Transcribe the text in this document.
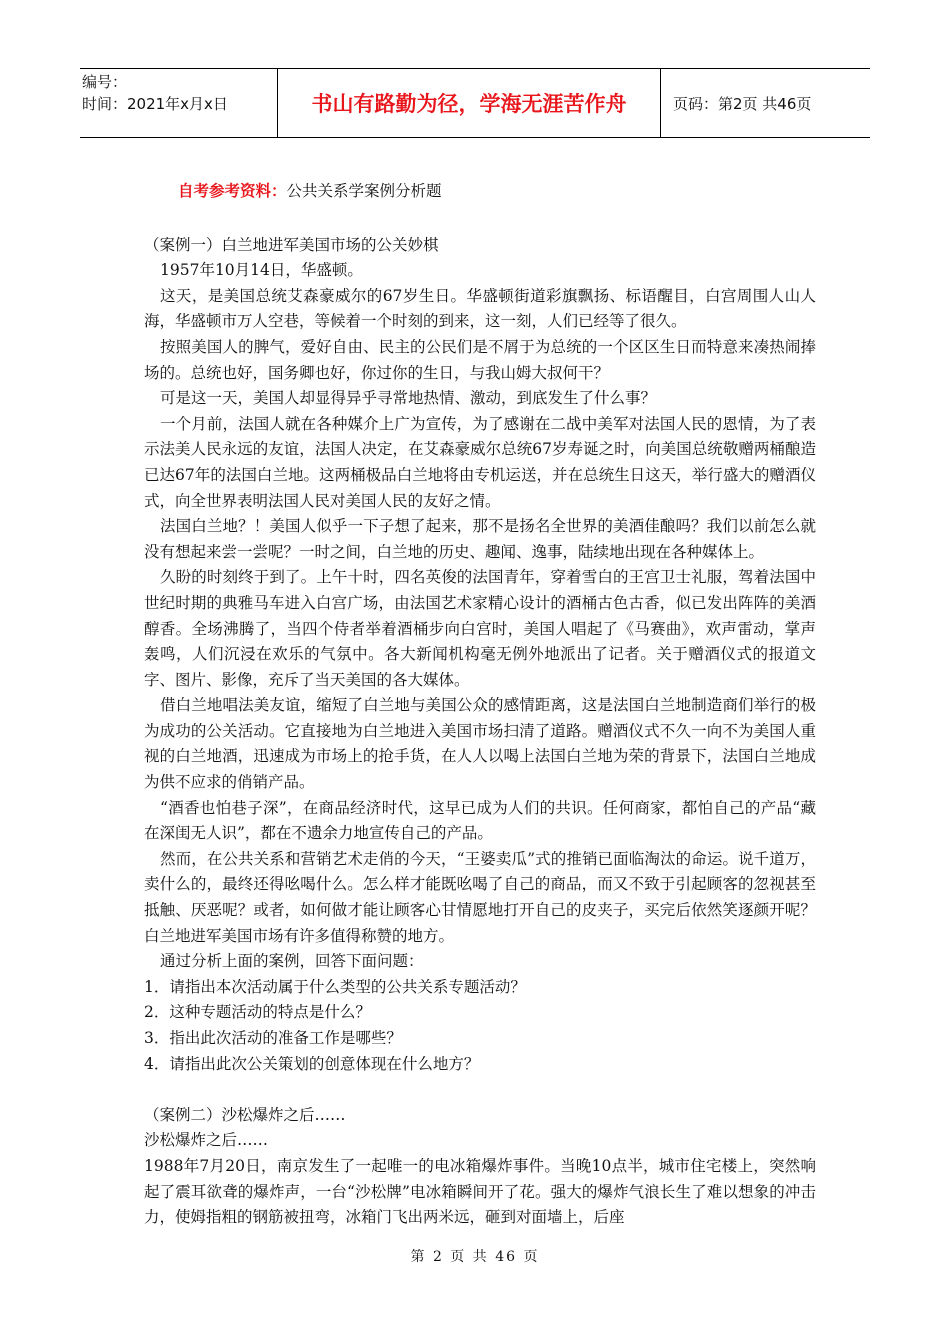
编号：
时间：2021年x月x日	书山有路勤为径，学海无涯苦作舟	页码：第2页 共46页

自考参考资料：公共关系学案例分析题

（案例一）白兰地进军美国市场的公关妙棋

1957年10月14日，华盛顿。

这天，是美国总统艾森豪威尔的67岁生日。华盛顿街道彩旗飘扬、标语醒目，白宫周围人山人海，华盛顿市万人空巷，等候着一个时刻的到来，这一刻，人们已经等了很久。

按照美国人的脾气，爱好自由、民主的公民们是不屑于为总统的一个区区生日而特意来凑热闹捧场的。总统也好，国务卿也好，你过你的生日，与我山姆大叔何干？

可是这一天，美国人却显得异乎寻常地热情、激动，到底发生了什么事？

一个月前，法国人就在各种媒介上广为宣传，为了感谢在二战中美军对法国人民的恩情，为了表示法美人民永远的友谊，法国人决定，在艾森豪威尔总统67岁寿诞之时，向美国总统敬赠两桶酿造已达67年的法国白兰地。这两桶极品白兰地将由专机运送，并在总统生日这天，举行盛大的赠酒仪式，向全世界表明法国人民对美国人民的友好之情。

法国白兰地？！美国人似乎一下子想了起来，那不是扬名全世界的美酒佳酿吗？我们以前怎么就没有想起来尝一尝呢？一时之间，白兰地的历史、趣闻、逸事，陆续地出现在各种媒体上。

久盼的时刻终于到了。上午十时，四名英俊的法国青年，穿着雪白的王宫卫士礼服，驾着法国中世纪时期的典雅马车进入白宫广场，由法国艺术家精心设计的酒桶古色古香，似已发出阵阵的美酒醇香。全场沸腾了，当四个侍者举着酒桶步向白宫时，美国人唱起了《马赛曲》，欢声雷动，掌声轰鸣，人们沉浸在欢乐的气氛中。各大新闻机构毫无例外地派出了记者。关于赠酒仪式的报道文字、图片、影像，充斥了当天美国的各大媒体。

借白兰地唱法美友谊，缩短了白兰地与美国公众的感情距离，这是法国白兰地制造商们举行的极为成功的公关活动。它直接地为白兰地进入美国市场扫清了道路。赠酒仪式不久一向不为美国人重视的白兰地酒，迅速成为市场上的抢手货，在人人以喝上法国白兰地为荣的背景下，法国白兰地成为供不应求的俏销产品。

“酒香也怕巷子深”，在商品经济时代，这早已成为人们的共识。任何商家，都怕自己的产品“藏在深闺无人识”，都在不遗余力地宣传自己的产品。

然而，在公共关系和营销艺术走俏的今天，“王婆卖瓜”式的推销已面临淘汰的命运。说千道万，卖什么的，最终还得吆喝什么。怎么样才能既吆喝了自己的商品，而又不致于引起顾客的忽视甚至抵触、厌恶呢？或者，如何做才能让顾客心甘情愿地打开自己的皮夹子，买完后依然笑逐颜开呢？白兰地进军美国市场有许多值得称赞的地方。

通过分析上面的案例，回答下面问题：

1．请指出本次活动属于什么类型的公共关系专题活动？

2．这种专题活动的特点是什么？

3．指出此次活动的准备工作是哪些？

4．请指出此次公关策划的创意体现在什么地方？

（案例二）沙松爆炸之后……

沙松爆炸之后……

1988年7月20日，南京发生了一起唯一的电冰箱爆炸事件。当晚10点半，城市住宅楼上，突然响起了震耳欲聋的爆炸声，一台“沙松牌”电冰箱瞬间开了花。强大的爆炸气浪长生了难以想象的冲击力，使姆指粗的钢筋被扭弯，冰箱门飞出两米远，砸到对面墙上，后座

第 2 页 共 46 页
